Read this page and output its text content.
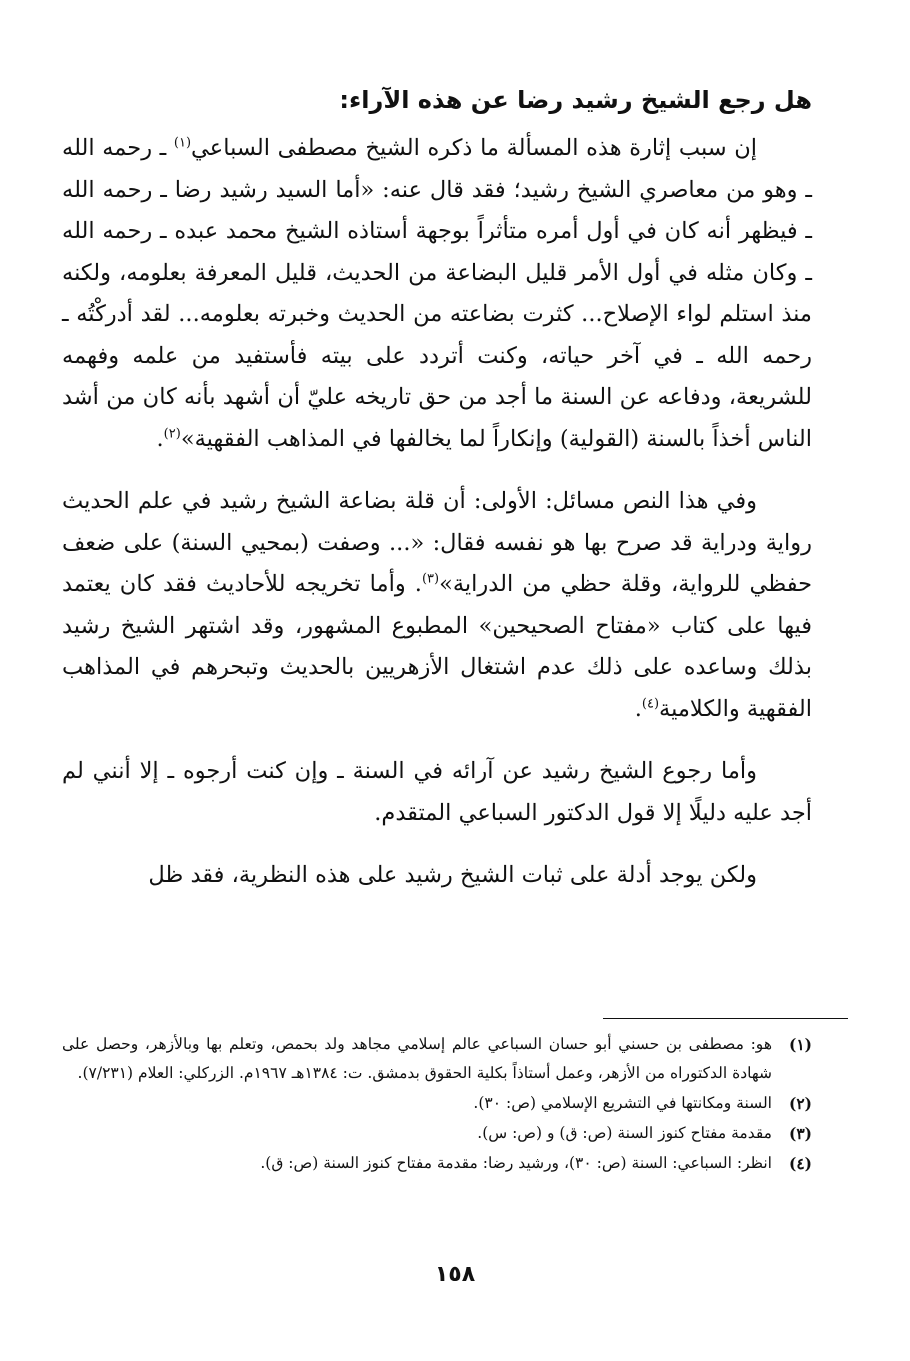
هل رجع الشيخ رشيد رضا عن هذه الآراء:

إن سبب إثارة هذه المسألة ما ذكره الشيخ مصطفى السباعي$^{(١)}$ ـ رحمه الله ـ وهو من معاصري الشيخ رشيد؛ فقد قال عنه: «أما السيد رشيد رضا ـ رحمه الله ـ فيظهر أنه كان في أول أمره متأثراً بوجهة أستاذه الشيخ محمد عبده ـ رحمه الله ـ وكان مثله في أول الأمر قليل البضاعة من الحديث، قليل المعرفة بعلومه، ولكنه منذ استلم لواء الإصلاح... كثرت بضاعته من الحديث وخبرته بعلومه... لقد أدركْتُه ـ رحمه الله ـ في آخر حياته، وكنت أتردد على بيته فأستفيد من علمه وفهمه للشريعة، ودفاعه عن السنة ما أجد من حق تاريخه عليّ أن أشهد بأنه كان من أشد الناس أخذاً بالسنة (القولية) وإنكاراً لما يخالفها في المذاهب الفقهية»$^{(٢)}$.

وفي هذا النص مسائل: الأولى: أن قلة بضاعة الشيخ رشيد في علم الحديث رواية ودراية قد صرح بها هو نفسه فقال: «... وصفت (بمحيي السنة) على ضعف حفظي للرواية، وقلة حظي من الدراية»$^{(٣)}$. وأما تخريجه للأحاديث فقد كان يعتمد فيها على كتاب «مفتاح الصحيحين» المطبوع المشهور، وقد اشتهر الشيخ رشيد بذلك وساعده على ذلك عدم اشتغال الأزهريين بالحديث وتبحرهم في المذاهب الفقهية والكلامية$^{(٤)}$.

وأما رجوع الشيخ رشيد عن آرائه في السنة ـ وإن كنت أرجوه ـ إلا أنني لم أجد عليه دليلًا إلا قول الدكتور السباعي المتقدم.

ولكن يوجد أدلة على ثبات الشيخ رشيد على هذه النظرية، فقد ظل

(١)
هو: مصطفى بن حسني أبو حسان السباعي عالم إسلامي مجاهد ولد بحمص، وتعلم بها وبالأزهر، وحصل على شهادة الدكتوراه من الأزهر، وعمل أستاذاً بكلية الحقوق بدمشق. ت: ١٣٨٤هـ ١٩٦٧م. الزركلي: العلام (٧/٢٣١).
(٢)
السنة ومكانتها في التشريع الإسلامي (ص: ٣٠).
(٣)
مقدمة مفتاح كنوز السنة (ص: ق) و (ص: س).
(٤)
انظر: السباعي: السنة (ص: ٣٠)، ورشيد رضا: مقدمة مفتاح كنوز السنة (ص: ق).
١٥٨
